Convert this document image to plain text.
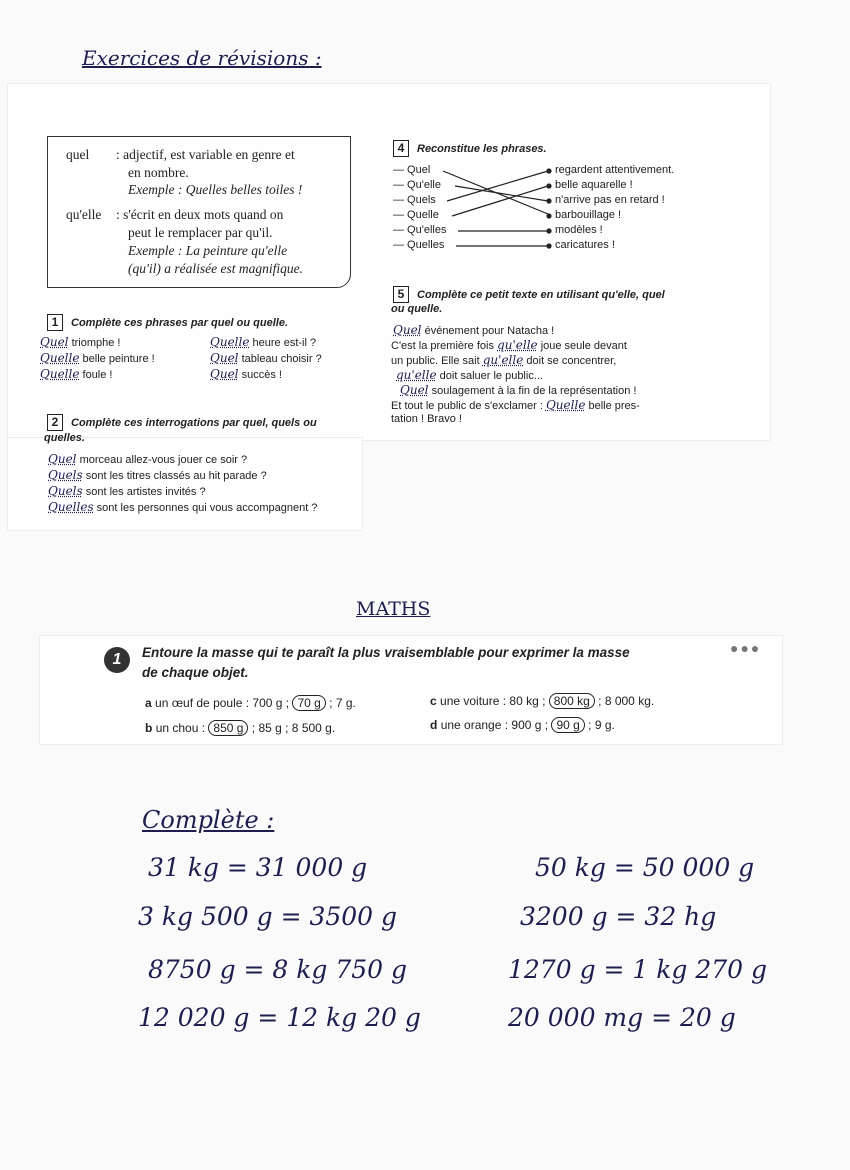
Exercices de révisions :
quel : adjectif, est variable en genre et
en nombre.
Exemple : Quelles belles toiles !
qu'elle : s'écrit en deux mots quand on
peut le remplacer par qu'il.
Exemple : La peinture qu'elle
(qu'il) a réalisée est magnifique.
1 Complète ces phrases par quel ou quelle.
Quel triomphe !
Quelle belle peinture !
Quelle foule !
Quelle heure est-il ?
Quel tableau choisir ?
Quel succès !
2 Complète ces interrogations par quel, quels ou
quelles.
Quel morceau allez-vous jouer ce soir ?
Quels sont les titres classés au hit parade ?
Quels sont les artistes invités ?
Quelles sont les personnes qui vous accompagnent ?
4 Reconstitue les phrases.
— Quel
— Qu'elle
— Quels
— Quelle
— Qu'elles
— Quelles
regardent attentivement.
belle aquarelle !
n'arrive pas en retard !
barbouillage !
modèles !
caricatures !
5 Complète ce petit texte en utilisant qu'elle, quel
ou quelle.
Quel événement pour Natacha !
C'est la première fois qu'elle joue seule devant
un public. Elle sait qu'elle doit se concentrer,
qu'elle doit saluer le public...
Quel soulagement à la fin de la représentation !
Et tout le public de s'exclamer : Quelle belle pres-
tation ! Bravo !
MATHS
1
●●●
Entoure la masse qui te paraît la plus vraisemblable pour exprimer la masse
de chaque objet.
a un œuf de poule : 700 g ; 70 g ; 7 g.
b un chou : 850 g ; 85 g ; 8 500 g.
c une voiture : 80 kg ; 800 kg ; 8 000 kg.
d une orange : 900 g ; 90 g ; 9 g.
Complète :
31 kg = 31 000 g
3 kg 500 g = 3500 g
8750 g = 8 kg 750 g
12 020 g = 12 kg 20 g
50 kg = 50 000 g
3200 g = 32 hg
1270 g = 1 kg 270 g
20 000 mg = 20 g
